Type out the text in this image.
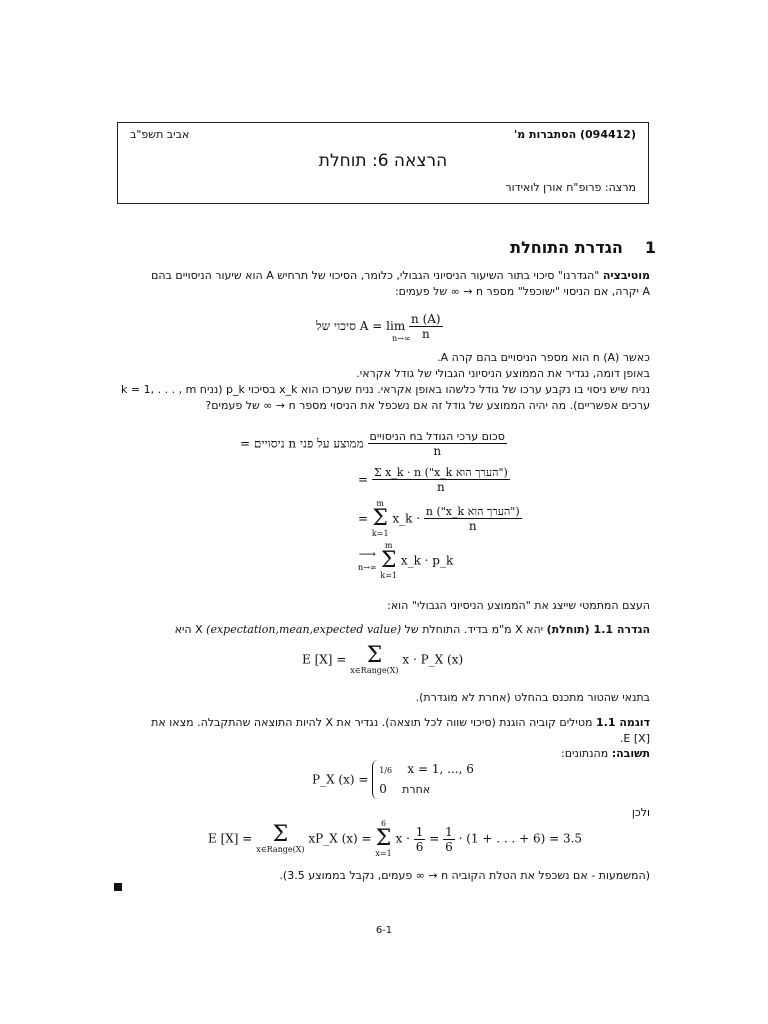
(094412) הסתברות מ'
אביב תשפ"ב
הרצאה 6: תוחלת
מרצה: פרופ"ח אורן לואידור
1הגדרת התוחלת
מוטיבציה "הגדרנו" סיכוי בתור השיעור הניסיוני הגבולי, כלומר, הסיכוי של תרחיש A הוא שיעור הניסויים בהם
A יקרה, אם הניסוי "ישוכפל" מספר n → ∞ של פעמים:
סיכוי של $A = \lim \frac{n (A)}{n}$
n→∞
כאשר n (A) הוא מספר הניסויים בהם קרה A.
באופן דומה, נגדיר את הממוצע הניסיוני הגבולי של גודל אקראי.
נניח שיש ניסוי בו נקבע ערכו של גודל כלשהו באופן אקראי. נניח שערכו הוא x_k בסיכוי p_k (נניח k = 1, . . . , m
ערכים אפשריים). מה יהיה הממוצע של גודל זה אם נשכפל את הניסוי מספר n → ∞ של פעמים?
ממוצע על פני n ניסויים = $\frac{\text{סכום ערכי הגודל בn הניסויים}}{n}$
= $\frac{\text{Σ x\_k · n ("x\_k הערך הוא")}}{n}$
=
m
Σ
k=1
x_k · $\frac{\text{n ("x\_k הערך הוא")}}{n}$
⟶
n→∞
m
Σ
k=1
x_k · p_k
העצם המתמטי שייצג את "הממוצע הניסיוני הגבולי" הוא:
הגדרה 1.1 (תוחלת) יהא X מ"מ בדיד. התוחלת של X (expectation,mean,expected value) היא
E [X] = Σ
x∈Range(X)
x · P_X (x)
בתנאי שהטור מתכנס בהחלט (אחרת לא מוגדרת).
דוגמה 1.1 מטילים קוביה הוגנת (סיכוי שווה לכל תוצאה). נגדיר את X להיות התוצאה שהתקבלה. מצאו את
E [X].
תשובה: מהנתונים:
P_X (x) =
1/6 x = 1, ..., 6
0 אחרת
ולכן
E [X] = Σ
x∈Range(X)
xP_X (x) =
6
Σ
x=1
$x \cdot \frac{1}{6} = \frac{1}{6} \cdot (1$ + . . . + 6) = 3.5
(המשמעות - אם נשכפל את הטלת הקוביה n → ∞ פעמים, נקבל בממוצע 3.5).
6-1
